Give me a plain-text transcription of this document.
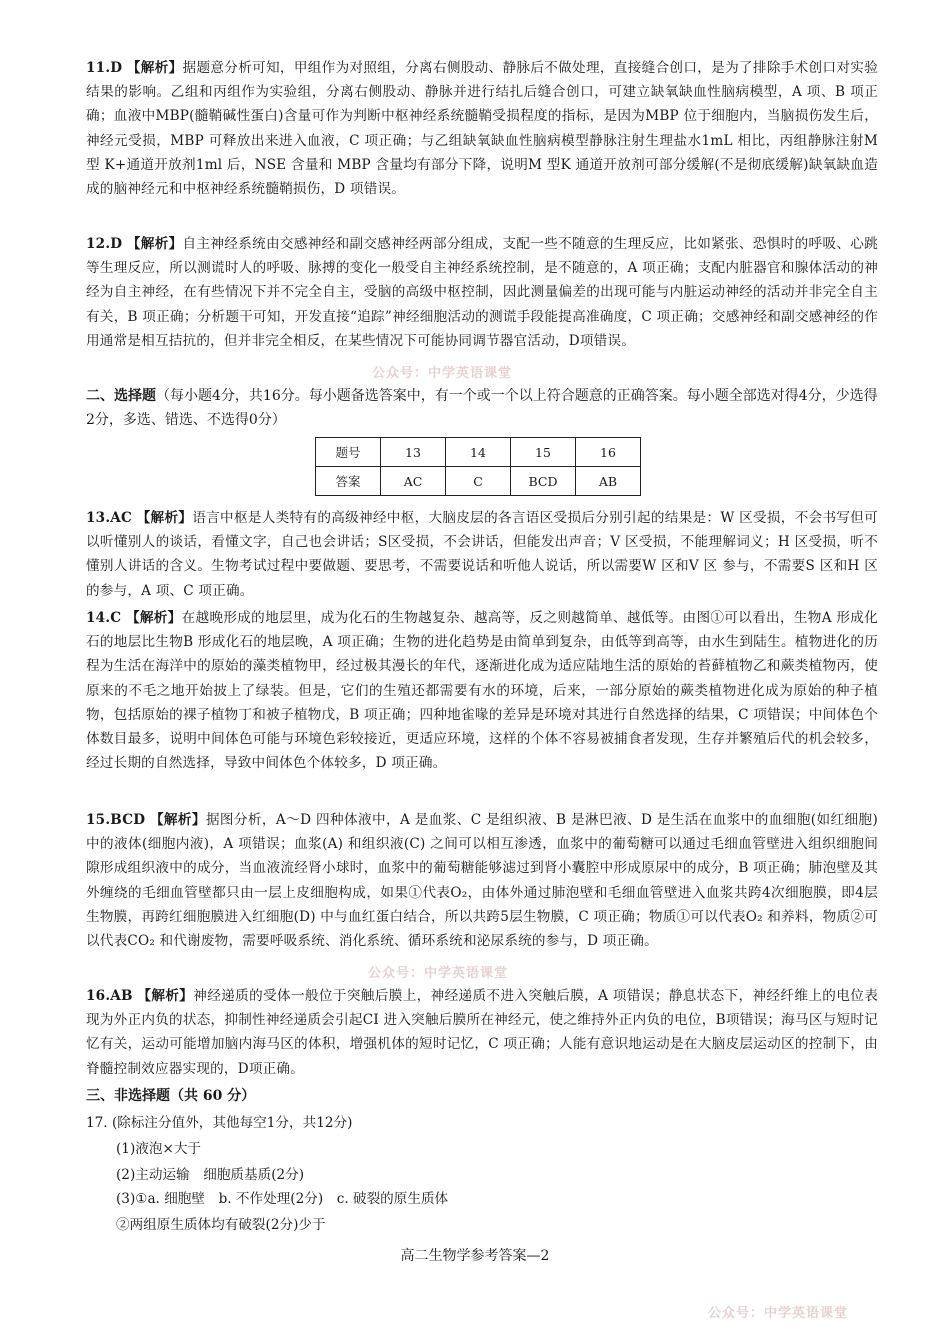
11.D 【解析】据题意分析可知，甲组作为对照组，分离右侧股动、静脉后不做处理，直接缝合创口，是为了排除手术创口对实验结果的影响。乙组和丙组作为实验组，分离右侧股动、静脉并进行结扎后缝合创口，可建立缺氧缺血性脑病模型，A 项、B 项正确；血液中MBP(髓鞘碱性蛋白)含量可作为判断中枢神经系统髓鞘受损程度的指标，是因为MBP 位于细胞内，当脑损伤发生后，神经元受损，MBP 可释放出来进入血液，C 项正确；与乙组缺氧缺血性脑病模型静脉注射生理盐水1mL 相比，丙组静脉注射M 型 K+通道开放剂1ml 后，NSE 含量和 MBP 含量均有部分下降，说明M 型K 通道开放剂可部分缓解(不是彻底缓解)缺氧缺血造成的脑神经元和中枢神经系统髓鞘损伤，D 项错误。
12.D 【解析】自主神经系统由交感神经和副交感神经两部分组成，支配一些不随意的生理反应，比如紧张、恐惧时的呼吸、心跳等生理反应，所以测谎时人的呼吸、脉搏的变化一般受自主神经系统控制，是不随意的，A 项正确；支配内脏器官和腺体活动的神经为自主神经，在有些情况下并不完全自主，受脑的高级中枢控制，因此测量偏差的出现可能与内脏运动神经的活动并非完全自主有关，B 项正确；分析题干可知，开发直接“追踪”神经细胞活动的测谎手段能提高准确度，C 项正确；交感神经和副交感神经的作用通常是相互拮抗的，但并非完全相反，在某些情况下可能协同调节器官活动，D项错误。
公众号：中学英语课堂
二、选择题（每小题4分，共16分。每小题备选答案中，有一个或一个以上符合题意的正确答案。每小题全部选对得4分，少选得2分，多选、错选、不选得0分）
题号	13	14	15	16
答案	AC	C	BCD	AB
13.AC 【解析】语言中枢是人类特有的高级神经中枢，大脑皮层的各言语区受损后分别引起的结果是：W 区受损，不会书写但可以听懂别人的谈话，看懂文字，自己也会讲话；S区受损，不会讲话，但能发出声音；V 区受损，不能理解词义；H 区受损，听不懂别人讲话的含义。生物考试过程中要做题、要思考，不需要说话和听他人说话，所以需要W 区和V 区 参与，不需要S 区和H 区的参与，A 项、C 项正确。
14.C 【解析】在越晚形成的地层里，成为化石的生物越复杂、越高等，反之则越简单、越低等。由图①可以看出，生物A 形成化石的地层比生物B 形成化石的地层晚，A 项正确；生物的进化趋势是由简单到复杂，由低等到高等，由水生到陆生。植物进化的历程为生活在海洋中的原始的藻类植物甲，经过极其漫长的年代，逐渐进化成为适应陆地生活的原始的苔藓植物乙和蕨类植物丙，使原来的不毛之地开始披上了绿装。但是，它们的生殖还都需要有水的环境，后来，一部分原始的蕨类植物进化成为原始的种子植物，包括原始的裸子植物丁和被子植物戊，B 项正确；四种地雀喙的差异是环境对其进行自然选择的结果，C 项错误；中间体色个体数目最多，说明中间体色可能与环境色彩较接近，更适应环境，这样的个体不容易被捕食者发现，生存并繁殖后代的机会较多，经过长期的自然选择，导致中间体色个体较多，D 项正确。
15.BCD 【解析】据图分析，A～D 四种体液中，A 是血浆、C 是组织液、B 是淋巴液、D 是生活在血浆中的血细胞(如红细胞)中的液体(细胞内液)，A 项错误；血浆(A) 和组织液(C) 之间可以相互渗透，血浆中的葡萄糖可以通过毛细血管壁进入组织细胞间隙形成组织液中的成分，当血液流经肾小球时，血浆中的葡萄糖能够滤过到肾小囊腔中形成原尿中的成分，B 项正确；肺泡壁及其外缠绕的毛细血管壁都只由一层上皮细胞构成，如果①代表O₂，由体外通过肺泡壁和毛细血管壁进入血浆共跨4次细胞膜，即4层生物膜，再跨红细胞膜进入红细胞(D) 中与血红蛋白结合，所以共跨5层生物膜，C 项正确；物质①可以代表O₂ 和养料，物质②可以代表CO₂ 和代谢废物，需要呼吸系统、消化系统、循环系统和泌尿系统的参与，D 项正确。
公众号：中学英语课堂
16.AB 【解析】神经递质的受体一般位于突触后膜上，神经递质不进入突触后膜，A 项错误；静息状态下，神经纤维上的电位表现为外正内负的状态，抑制性神经递质会引起CI 进入突触后膜所在神经元，使之维持外正内负的电位，B项错误；海马区与短时记忆有关，运动可能增加脑内海马区的体积，增强机体的短时记忆，C 项正确；人能有意识地运动是在大脑皮层运动区的控制下，由脊髓控制效应器实现的，D项正确。
三、非选择题（共 60 分）
17. (除标注分值外，其他每空1分，共12分)
(1)液泡×大于
(2)主动运输　细胞质基质(2分)
(3)①a. 细胞壁　b. 不作处理(2分)　c. 破裂的原生质体
②两组原生质体均有破裂(2分)少于
高二生物学参考答案—2
公众号：中学英语课堂
